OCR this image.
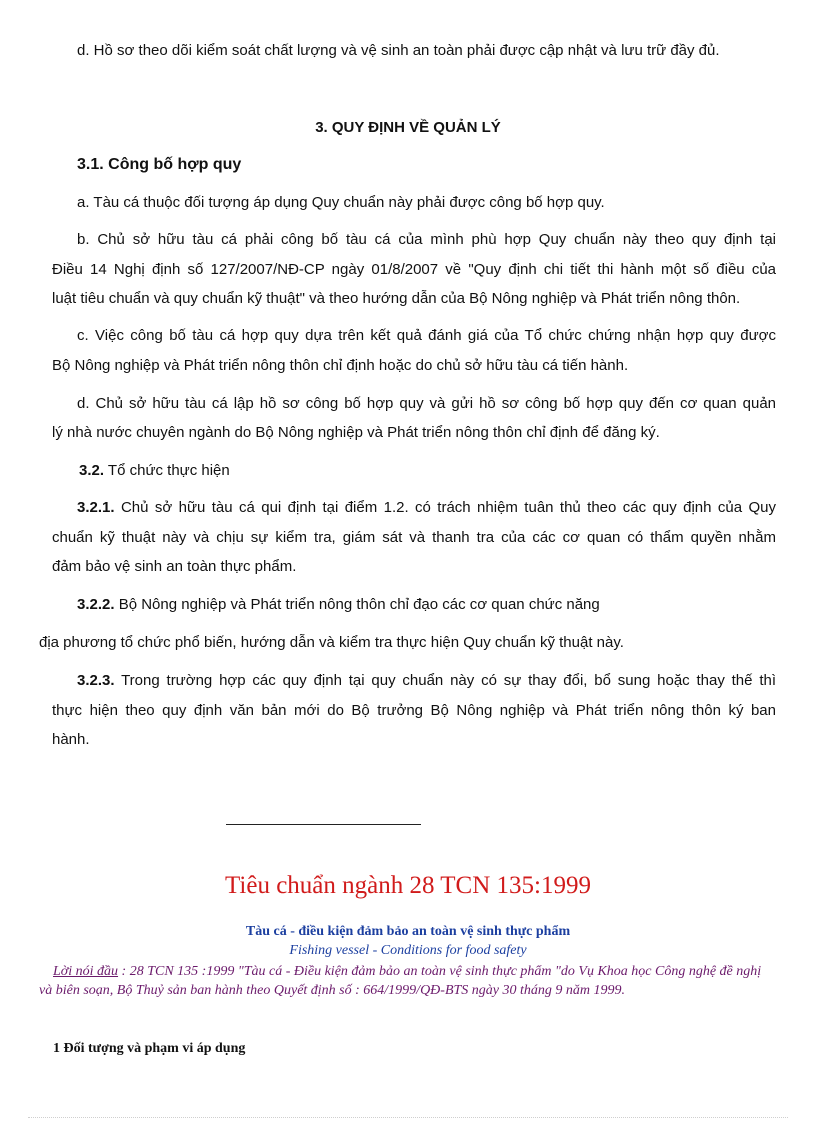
d. Hồ sơ theo dõi kiểm soát chất lượng và vệ sinh an toàn phải được cập nhật và lưu trữ đầy đủ.
3. QUY ĐỊNH VỀ QUẢN LÝ
3.1. Công bố hợp quy
a. Tàu cá thuộc đối tượng áp dụng Quy chuẩn này phải được công bố hợp quy.
b. Chủ sở hữu tàu cá phải công bố tàu cá của mình phù hợp Quy chuẩn này theo quy định tại
Điều 14 Nghị định số 127/2007/NĐ-CP ngày 01/8/2007 về "Quy định chi tiết thi hành một số điều của
luật tiêu chuẩn và quy chuẩn kỹ thuật" và theo hướng dẫn của Bộ Nông nghiệp và Phát triển nông thôn.
c. Việc công bố tàu cá hợp quy dựa trên kết quả đánh giá của Tổ chức chứng nhận hợp quy được
Bộ Nông nghiệp và Phát triển nông thôn chỉ định hoặc do chủ sở hữu tàu cá tiến hành.
d. Chủ sở hữu tàu cá lập hồ sơ công bố hợp quy và gửi hồ sơ công bố hợp quy đến cơ quan quản
lý nhà nước chuyên ngành do Bộ Nông nghiệp và Phát triển nông thôn chỉ định để đăng ký.
3.2. Tổ chức thực hiện
3.2.1. Chủ sở hữu tàu cá qui định tại điểm 1.2. có trách nhiệm tuân thủ theo các quy định của Quy
chuẩn kỹ thuật này và chịu sự kiểm tra, giám sát và thanh tra của các cơ quan có thẩm quyền nhằm
đảm bảo vệ sinh an toàn thực phẩm.
3.2.2. Bộ Nông nghiệp và Phát triển nông thôn chỉ đạo các cơ quan chức năng
địa phương tổ chức phổ biến, hướng dẫn và kiểm tra thực hiện Quy chuẩn kỹ thuật này.
3.2.3. Trong trường hợp các quy định tại quy chuẩn này có sự thay đổi, bổ sung hoặc thay thế thì
thực hiện theo quy định văn bản mới do Bộ trưởng Bộ Nông nghiệp và Phát triển nông thôn ký ban
hành.
Tiêu chuẩn ngành 28 TCN 135:1999
Tàu cá - điều kiện đảm bảo an toàn vệ sinh thực phẩm
Fishing vessel - Conditions for food safety
Lời nói đầu : 28 TCN 135 :1999 "Tàu cá - Điều kiện đảm bảo an toàn vệ sinh thực phẩm "do Vụ Khoa học Công nghệ đề nghị và biên soạn, Bộ Thuỷ sản ban hành theo Quyết định số : 664/1999/QĐ-BTS ngày 30 tháng 9 năm 1999.
1 Đối tượng và phạm vi áp dụng
